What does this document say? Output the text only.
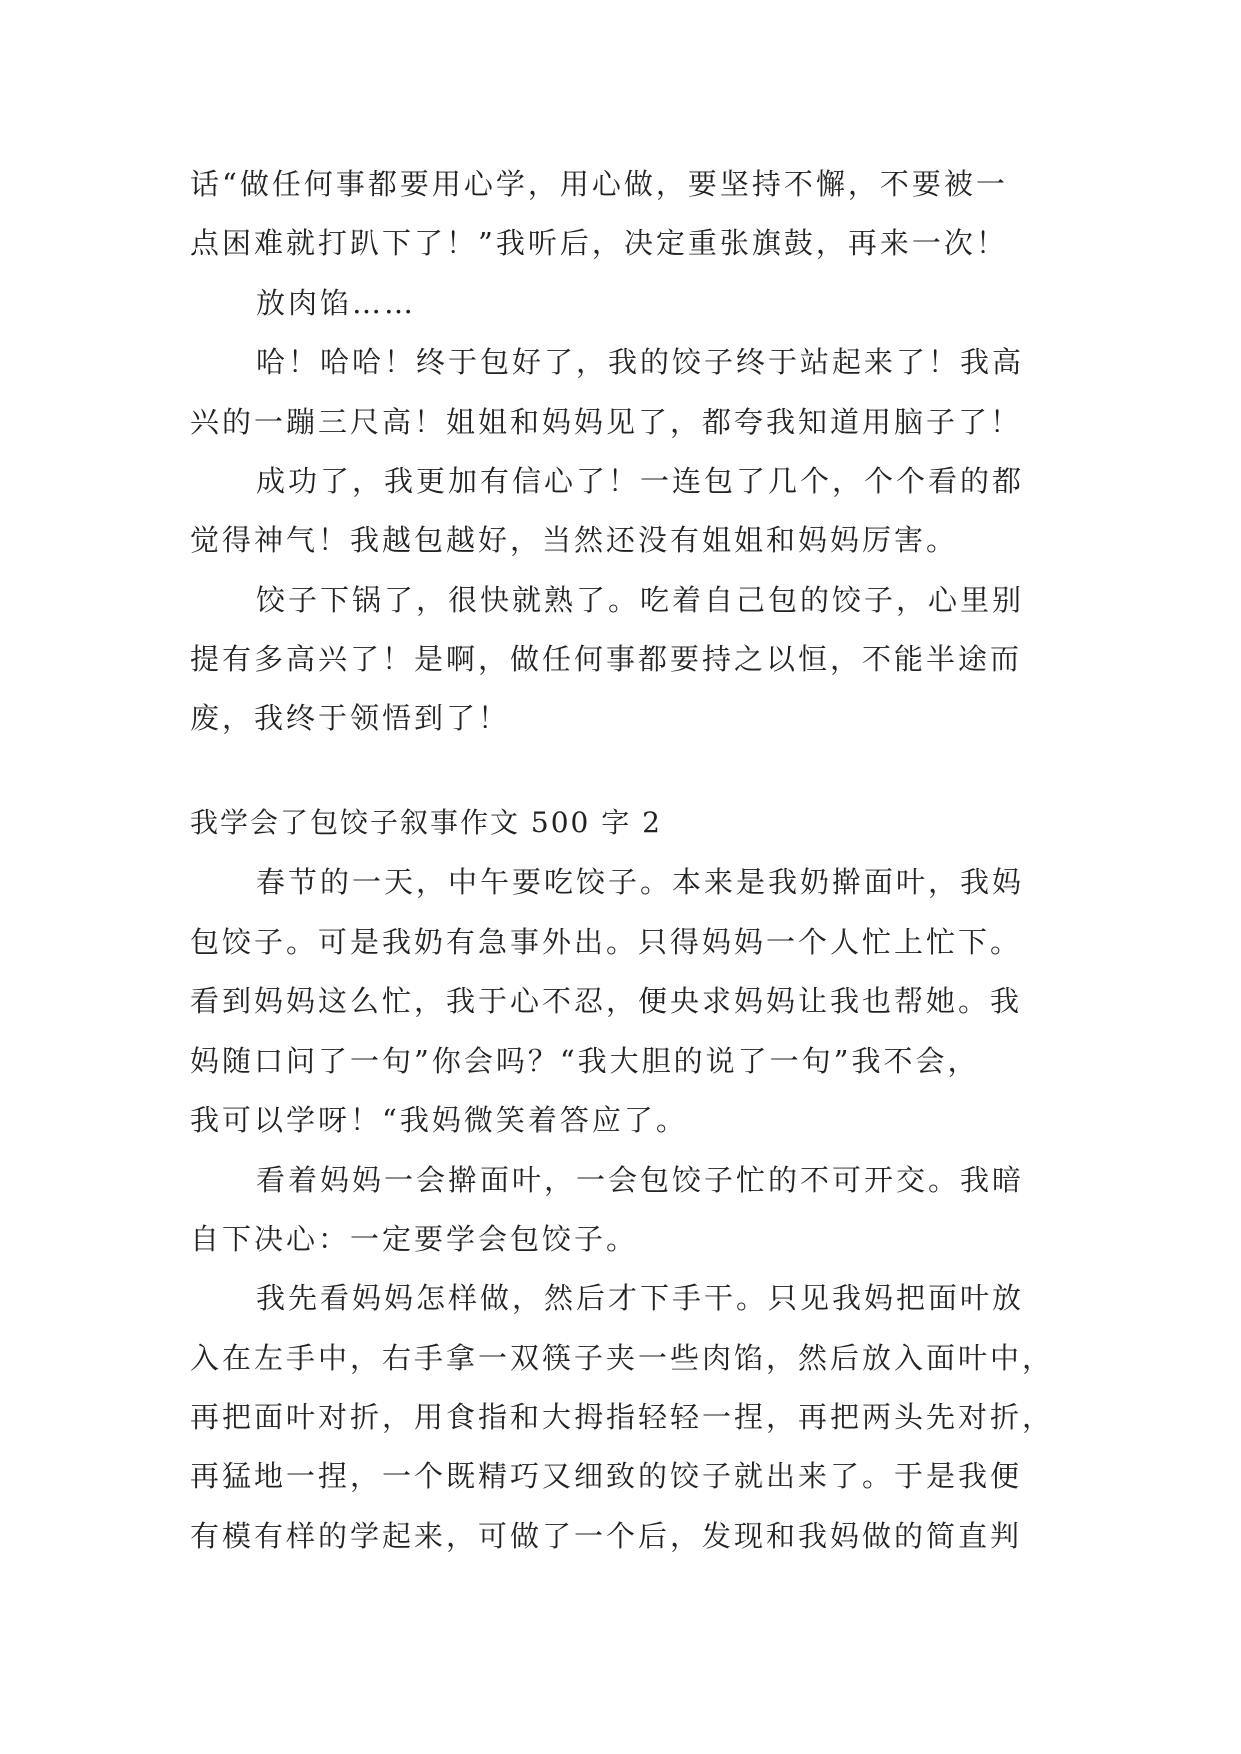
话“做任何事都要用心学，用心做，要坚持不懈，不要被一

点困难就打趴下了！”我听后，决定重张旗鼓，再来一次！

放肉馅……

哈！哈哈！终于包好了，我的饺子终于站起来了！我高

兴的一蹦三尺高！姐姐和妈妈见了，都夸我知道用脑子了！

成功了，我更加有信心了！一连包了几个，个个看的都

觉得神气！我越包越好，当然还没有姐姐和妈妈厉害。

饺子下锅了，很快就熟了。吃着自己包的饺子，心里别

提有多高兴了！是啊，做任何事都要持之以恒，不能半途而

废，我终于领悟到了！

我学会了包饺子叙事作文 500 字 2

春节的一天，中午要吃饺子。本来是我奶擀面叶，我妈

包饺子。可是我奶有急事外出。只得妈妈一个人忙上忙下。

看到妈妈这么忙，我于心不忍，便央求妈妈让我也帮她。我

妈随口问了一句”你会吗？“我大胆的说了一句”我不会，

我可以学呀！“我妈微笑着答应了。

看着妈妈一会擀面叶，一会包饺子忙的不可开交。我暗

自下决心：一定要学会包饺子。

我先看妈妈怎样做，然后才下手干。只见我妈把面叶放

入在左手中，右手拿一双筷子夹一些肉馅，然后放入面叶中，

再把面叶对折，用食指和大拇指轻轻一捏，再把两头先对折，

再猛地一捏，一个既精巧又细致的饺子就出来了。于是我便

有模有样的学起来，可做了一个后，发现和我妈做的简直判
